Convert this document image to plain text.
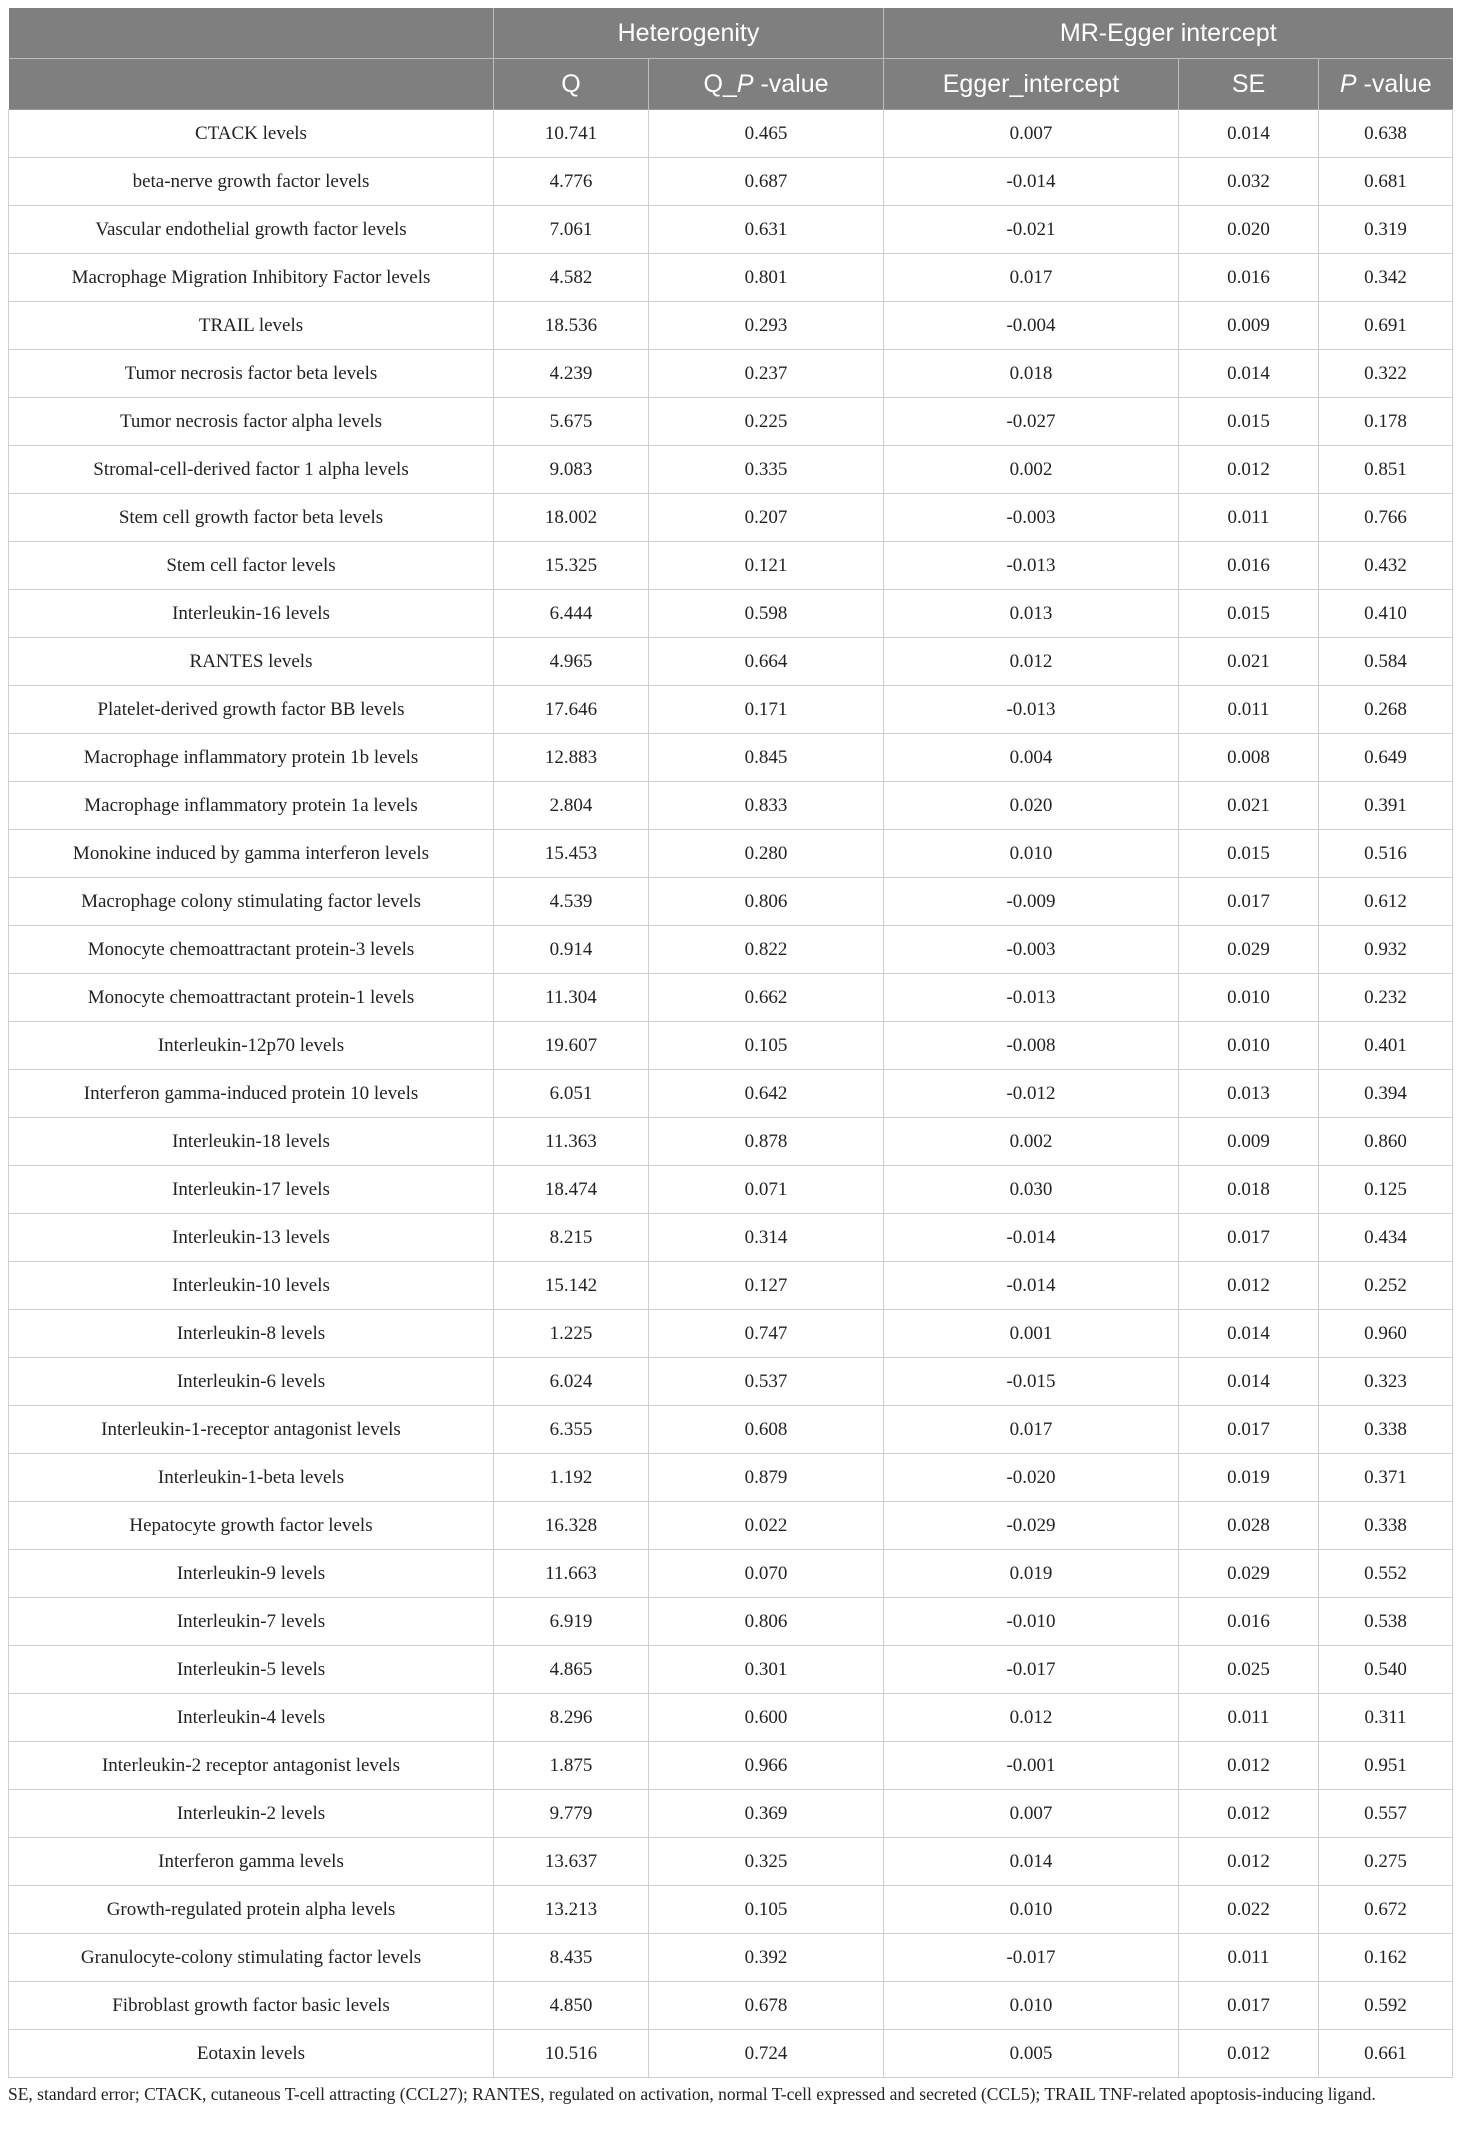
	Heterogenity		MR-Egger intercept		
	Q	Q_P -value	Egger_intercept	SE	P -value
CTACK levels	10.741	0.465	0.007	0.014	0.638
beta-nerve growth factor levels	4.776	0.687	-0.014	0.032	0.681
Vascular endothelial growth factor levels	7.061	0.631	-0.021	0.020	0.319
Macrophage Migration Inhibitory Factor levels	4.582	0.801	0.017	0.016	0.342
TRAIL levels	18.536	0.293	-0.004	0.009	0.691
Tumor necrosis factor beta levels	4.239	0.237	0.018	0.014	0.322
Tumor necrosis factor alpha levels	5.675	0.225	-0.027	0.015	0.178
Stromal-cell-derived factor 1 alpha levels	9.083	0.335	0.002	0.012	0.851
Stem cell growth factor beta levels	18.002	0.207	-0.003	0.011	0.766
Stem cell factor levels	15.325	0.121	-0.013	0.016	0.432
Interleukin-16 levels	6.444	0.598	0.013	0.015	0.410
RANTES levels	4.965	0.664	0.012	0.021	0.584
Platelet-derived growth factor BB levels	17.646	0.171	-0.013	0.011	0.268
Macrophage inflammatory protein 1b levels	12.883	0.845	0.004	0.008	0.649
Macrophage inflammatory protein 1a levels	2.804	0.833	0.020	0.021	0.391
Monokine induced by gamma interferon levels	15.453	0.280	0.010	0.015	0.516
Macrophage colony stimulating factor levels	4.539	0.806	-0.009	0.017	0.612
Monocyte chemoattractant protein-3 levels	0.914	0.822	-0.003	0.029	0.932
Monocyte chemoattractant protein-1 levels	11.304	0.662	-0.013	0.010	0.232
Interleukin-12p70 levels	19.607	0.105	-0.008	0.010	0.401
Interferon gamma-induced protein 10 levels	6.051	0.642	-0.012	0.013	0.394
Interleukin-18 levels	11.363	0.878	0.002	0.009	0.860
Interleukin-17 levels	18.474	0.071	0.030	0.018	0.125
Interleukin-13 levels	8.215	0.314	-0.014	0.017	0.434
Interleukin-10 levels	15.142	0.127	-0.014	0.012	0.252
Interleukin-8 levels	1.225	0.747	0.001	0.014	0.960
Interleukin-6 levels	6.024	0.537	-0.015	0.014	0.323
Interleukin-1-receptor antagonist levels	6.355	0.608	0.017	0.017	0.338
Interleukin-1-beta levels	1.192	0.879	-0.020	0.019	0.371
Hepatocyte growth factor levels	16.328	0.022	-0.029	0.028	0.338
Interleukin-9 levels	11.663	0.070	0.019	0.029	0.552
Interleukin-7 levels	6.919	0.806	-0.010	0.016	0.538
Interleukin-5 levels	4.865	0.301	-0.017	0.025	0.540
Interleukin-4 levels	8.296	0.600	0.012	0.011	0.311
Interleukin-2 receptor antagonist levels	1.875	0.966	-0.001	0.012	0.951
Interleukin-2 levels	9.779	0.369	0.007	0.012	0.557
Interferon gamma levels	13.637	0.325	0.014	0.012	0.275
Growth-regulated protein alpha levels	13.213	0.105	0.010	0.022	0.672
Granulocyte-colony stimulating factor levels	8.435	0.392	-0.017	0.011	0.162
Fibroblast growth factor basic levels	4.850	0.678	0.010	0.017	0.592
Eotaxin levels	10.516	0.724	0.005	0.012	0.661
SE, standard error; CTACK, cutaneous T-cell attracting (CCL27); RANTES, regulated on activation, normal T-cell expressed and secreted (CCL5); TRAIL TNF-related apoptosis-inducing ligand.
